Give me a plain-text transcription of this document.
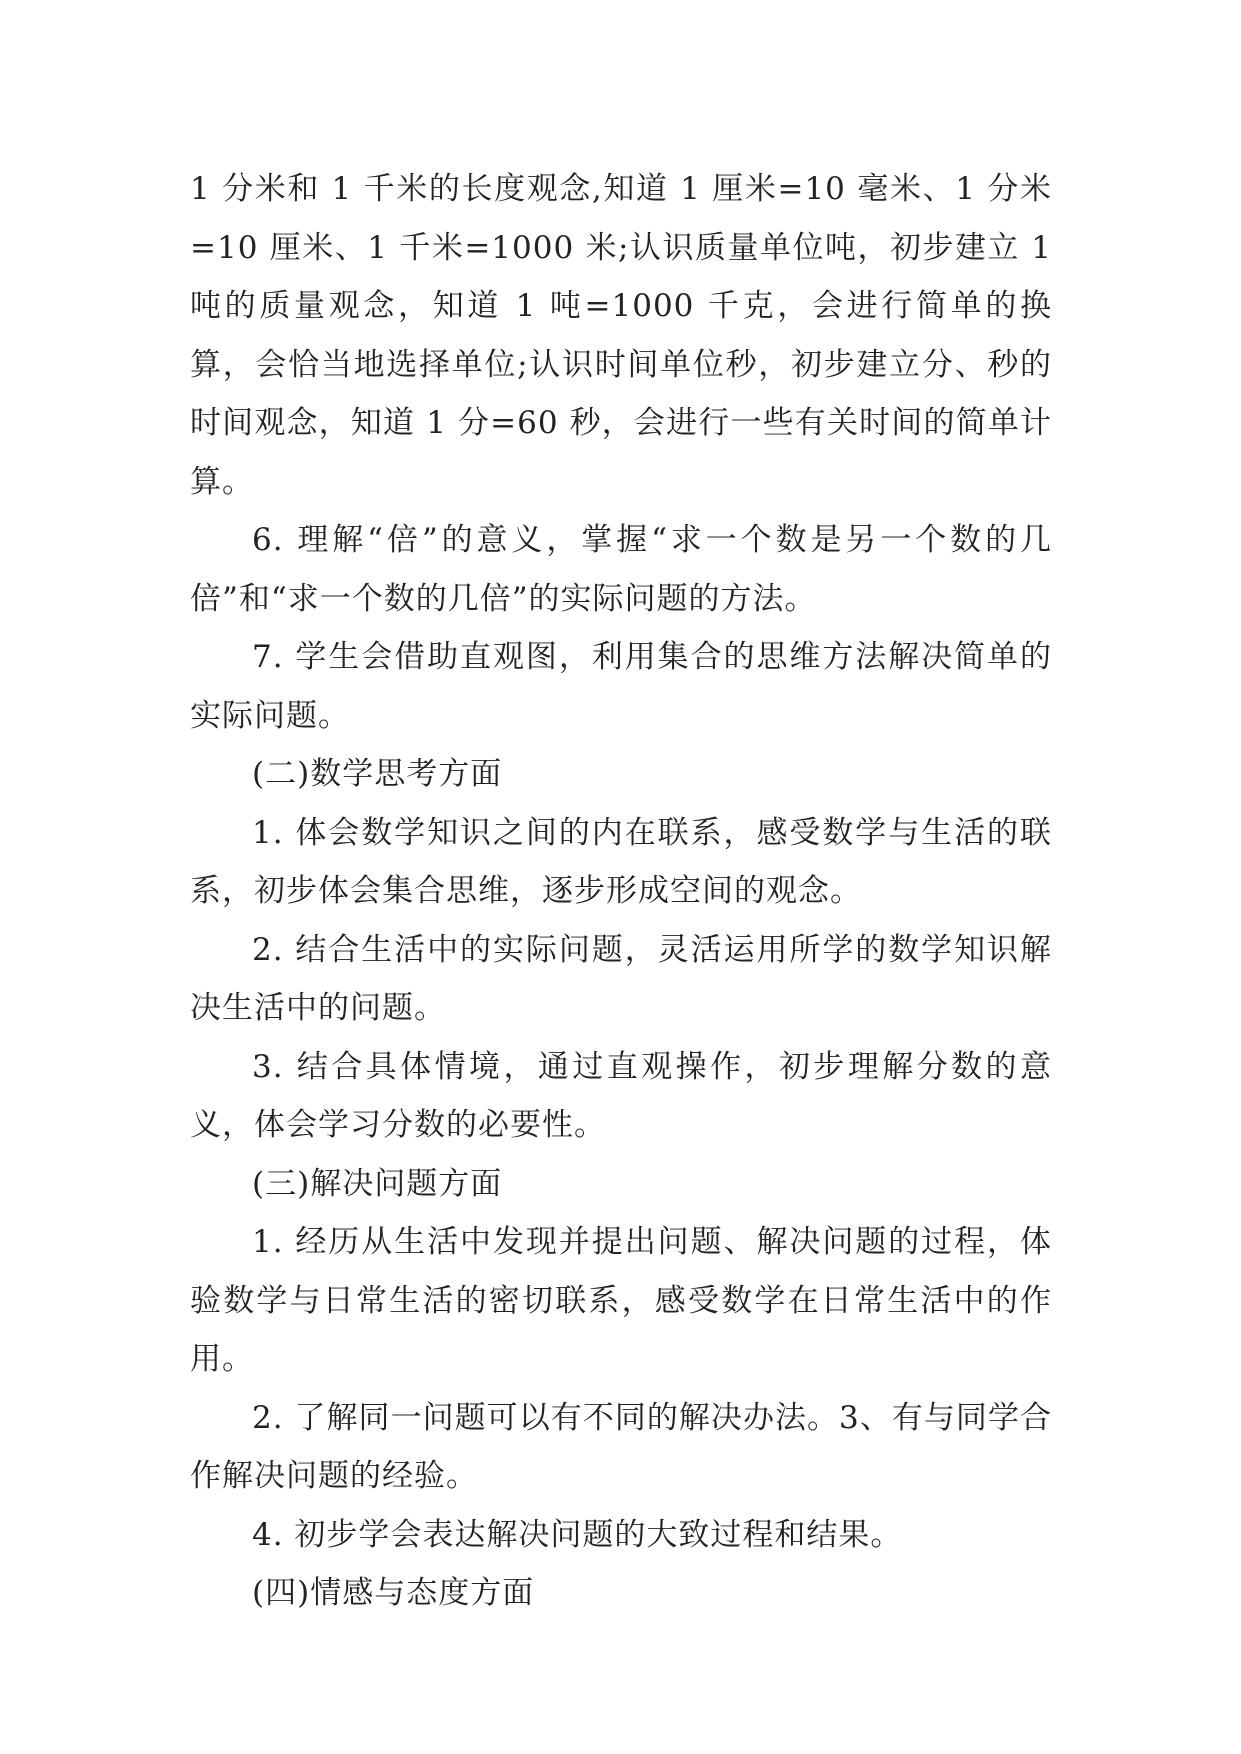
1 分米和 1 千米的长度观念,知道 1 厘米=10 毫米、1 分米=10 厘米、1 千米=1000 米;认识质量单位吨，初步建立 1 吨的质量观念，知道 1 吨=1000 千克，会进行简单的换算，会恰当地选择单位;认识时间单位秒，初步建立分、秒的时间观念，知道 1 分=60 秒，会进行一些有关时间的简单计算。

6. 理解“倍”的意义，掌握“求一个数是另一个数的几倍”和“求一个数的几倍”的实际问题的方法。

7. 学生会借助直观图，利用集合的思维方法解决简单的实际问题。

(二)数学思考方面

1. 体会数学知识之间的内在联系，感受数学与生活的联系，初步体会集合思维，逐步形成空间的观念。

2. 结合生活中的实际问题，灵活运用所学的数学知识解决生活中的问题。

3. 结合具体情境，通过直观操作，初步理解分数的意义，体会学习分数的必要性。

(三)解决问题方面

1. 经历从生活中发现并提出问题、解决问题的过程，体验数学与日常生活的密切联系，感受数学在日常生活中的作用。

2. 了解同一问题可以有不同的解决办法。3、有与同学合作解决问题的经验。

4. 初步学会表达解决问题的大致过程和结果。

(四)情感与态度方面
